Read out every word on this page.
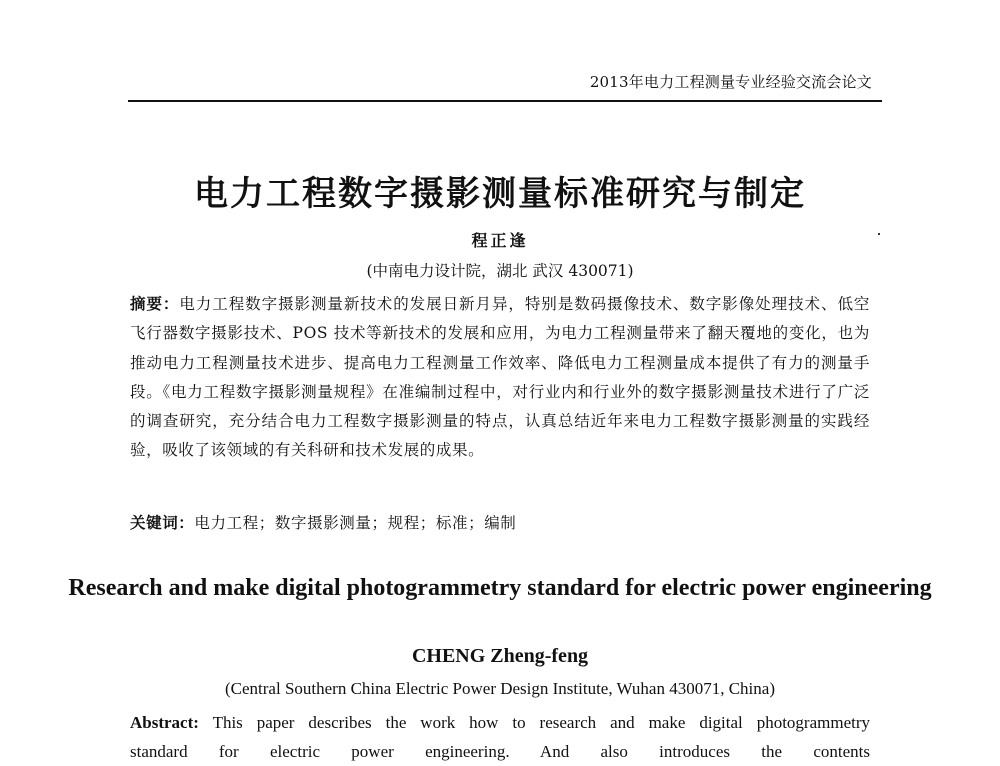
2013年电力工程测量专业经验交流会论文
电力工程数字摄影测量标准研究与制定
程正逢
(中南电力设计院，湖北 武汉 430071)
摘要：电力工程数字摄影测量新技术的发展日新月异，特别是数码摄像技术、数字影像处理技术、低空飞行器数字摄影技术、POS 技术等新技术的发展和应用，为电力工程测量带来了翻天覆地的变化，也为推动电力工程测量技术进步、提高电力工程测量工作效率、降低电力工程测量成本提供了有力的测量手段。《电力工程数字摄影测量规程》在准编制过程中，对行业内和行业外的数字摄影测量技术进行了广泛的调查研究，充分结合电力工程数字摄影测量的特点，认真总结近年来电力工程数字摄影测量的实践经验，吸收了该领域的有关科研和技术发展的成果。
关键词：电力工程；数字摄影测量；规程；标准；编制
Research and make digital photogrammetry standard for electric power engineering
CHENG Zheng-feng
(Central Southern China Electric Power Design Institute, Wuhan 430071, China)
Abstract: This paper describes the work how to research and make digital photogrammetry standard for electric power engineering. And also introduces the contents
